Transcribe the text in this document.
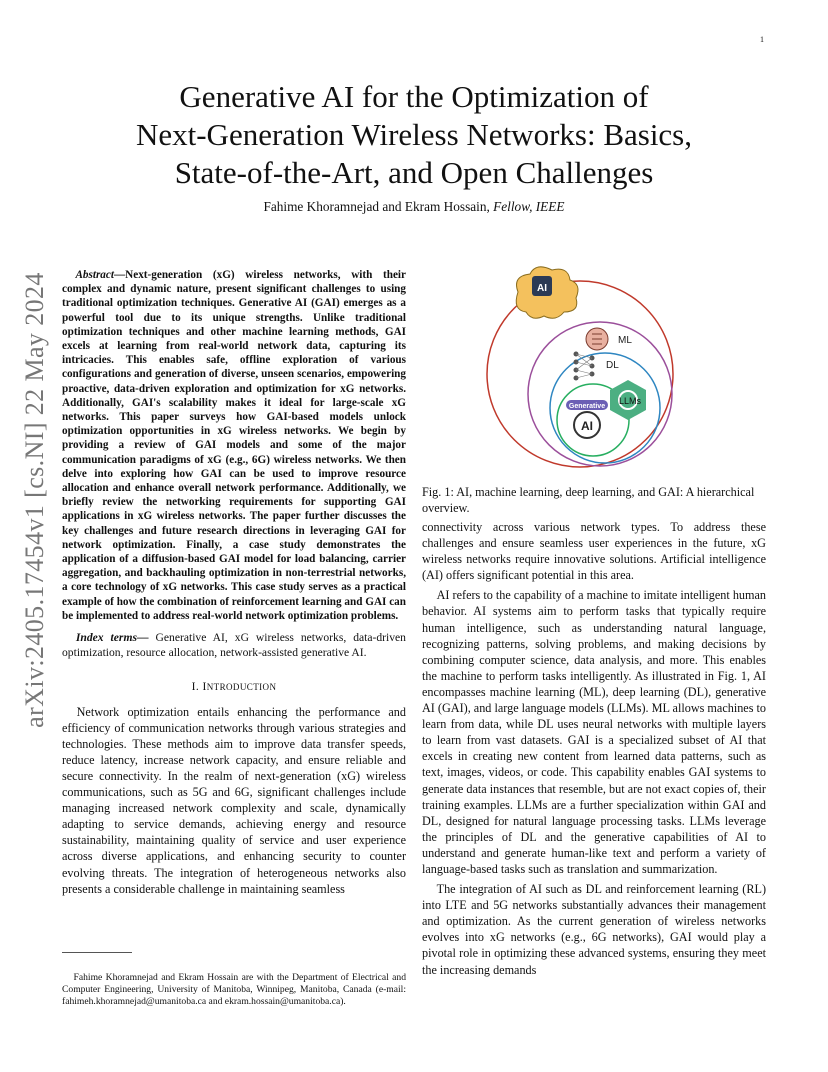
1
arXiv:2405.17454v1 [cs.NI] 22 May 2024
Generative AI for the Optimization of
Next-Generation Wireless Networks: Basics,
State-of-the-Art, and Open Challenges
Fahime Khoramnejad and Ekram Hossain, Fellow, IEEE

Abstract—Next-generation (xG) wireless networks, with their complex and dynamic nature, present significant challenges to using traditional optimization techniques. Generative AI (GAI) emerges as a powerful tool due to its unique strengths. Unlike traditional optimization techniques and other machine learning methods, GAI excels at learning from real-world network data, capturing its intricacies. This enables safe, offline exploration of various configurations and generation of diverse, unseen scenarios, empowering proactive, data-driven exploration and optimization for xG networks. Additionally, GAI's scalability makes it ideal for large-scale xG networks. This paper surveys how GAI-based models unlock optimization opportunities in xG wireless networks. We begin by providing a review of GAI models and some of the major communication paradigms of xG (e.g., 6G) wireless networks. We then delve into exploring how GAI can be used to improve resource allocation and enhance overall network performance. Additionally, we briefly review the networking requirements for supporting GAI applications in xG wireless networks. The paper further discusses the key challenges and future research directions in leveraging GAI for network optimization. Finally, a case study demonstrates the application of a diffusion-based GAI model for load balancing, carrier aggregation, and backhauling optimization in non-terrestrial networks, a core technology of xG networks. This case study serves as a practical example of how the combination of reinforcement learning and GAI can be implemented to address real-world network optimization problems.

Index terms— Generative AI, xG wireless networks, data-driven optimization, resource allocation, network-assisted generative AI.

I. INTRODUCTION

Network optimization entails enhancing the performance and efficiency of communication networks through various strategies and technologies. These methods aim to improve data transfer speeds, reduce latency, increase network capacity, and ensure reliable and secure connectivity. In the realm of next-generation (xG) wireless communications, such as 5G and 6G, significant challenges include managing increased network complexity and scale, dynamically adapting to service demands, achieving energy and resource sustainability, maintaining quality of service and user experience across diverse applications, and enhancing security to counter evolving threats. The integration of heterogeneous networks also presents a considerable challenge in maintaining seamless

Fahime Khoramnejad and Ekram Hossain are with the Department of Electrical and Computer Engineering, University of Manitoba, Winnipeg, Manitoba, Canada (e-mail: fahimeh.khoramnejad@umanitoba.ca and ekram.hossain@umanitoba.ca).

AI
ML
DL
LLMs
Generative
AI
Fig. 1: AI, machine learning, deep learning, and GAI: A hierarchical overview.

connectivity across various network types. To address these challenges and ensure seamless user experiences in the future, xG wireless networks require innovative solutions. Artificial intelligence (AI) offers significant potential in this area.

AI refers to the capability of a machine to imitate intelligent human behavior. AI systems aim to perform tasks that typically require human intelligence, such as understanding natural language, recognizing patterns, solving problems, and making decisions by combining computer science, data analysis, and more. This enables the machine to perform tasks intelligently. As illustrated in Fig. 1, AI encompasses machine learning (ML), deep learning (DL), generative AI (GAI), and large language models (LLMs). ML allows machines to learn from data, while DL uses neural networks with multiple layers to learn from vast datasets. GAI is a specialized subset of AI that excels in creating new content from learned data patterns, such as text, images, videos, or code. This capability enables GAI systems to generate data instances that resemble, but are not exact copies of, their training examples. LLMs are a further specialization within GAI and DL, designed for natural language processing tasks. LLMs leverage the principles of DL and the generative capabilities of AI to understand and generate human-like text and perform a variety of language-based tasks such as translation and summarization.

The integration of AI such as DL and reinforcement learning (RL) into LTE and 5G networks substantially advances their management and optimization. As the current generation of wireless networks evolves into xG networks (e.g., 6G networks), GAI would play a pivotal role in optimizing these advanced systems, ensuring they meet the increasing demands
